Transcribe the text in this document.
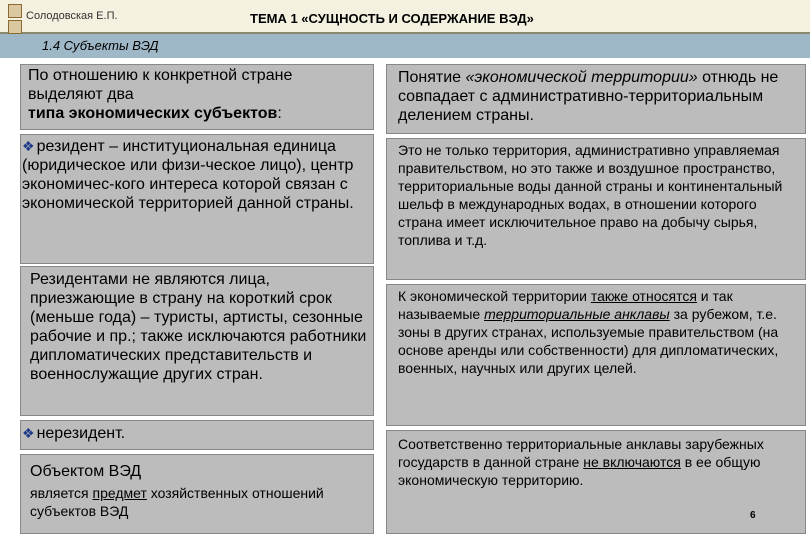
Солодовская Е.П.	ТЕМА 1 «СУЩНОСТЬ И СОДЕРЖАНИЕ ВЭД»
1.4 Субъекты ВЭД
По отношению к конкретной стране
выделяют два
типа экономических субъектов:
❖ резидент – институциональная единица (юридическое или физи-ческое лицо), центр экономичес-кого интереса которой связан с экономической территорией данной страны.
Резидентами не являются лица, приезжающие в страну на короткий срок (меньше года) – туристы, артисты, сезонные рабочие и пр.; также исключаются работники дипломатических представительств и военнослужащие других стран.
❖ нерезидент.
Объектом ВЭД
является предмет хозяйственных отношений субъектов ВЭД
Понятие «экономической территории» отнюдь не совпадает с административно-территориальным делением страны.
Это не только территория, административно управляемая правительством, но это также и воздушное пространство, территориальные воды данной страны и континентальный шельф в международных водах, в отношении которого страна имеет исключительное право на добычу сырья, топлива и т.д.
К экономической территории также относятся и так называемые территориальные анклавы за рубежом, т.е. зоны в других странах, используемые правительством (на основе аренды или собственности) для дипломатических, военных, научных или других целей.
Соответственно территориальные анклавы зарубежных государств в данной стране не включаются в ее общую экономическую территорию.
6
